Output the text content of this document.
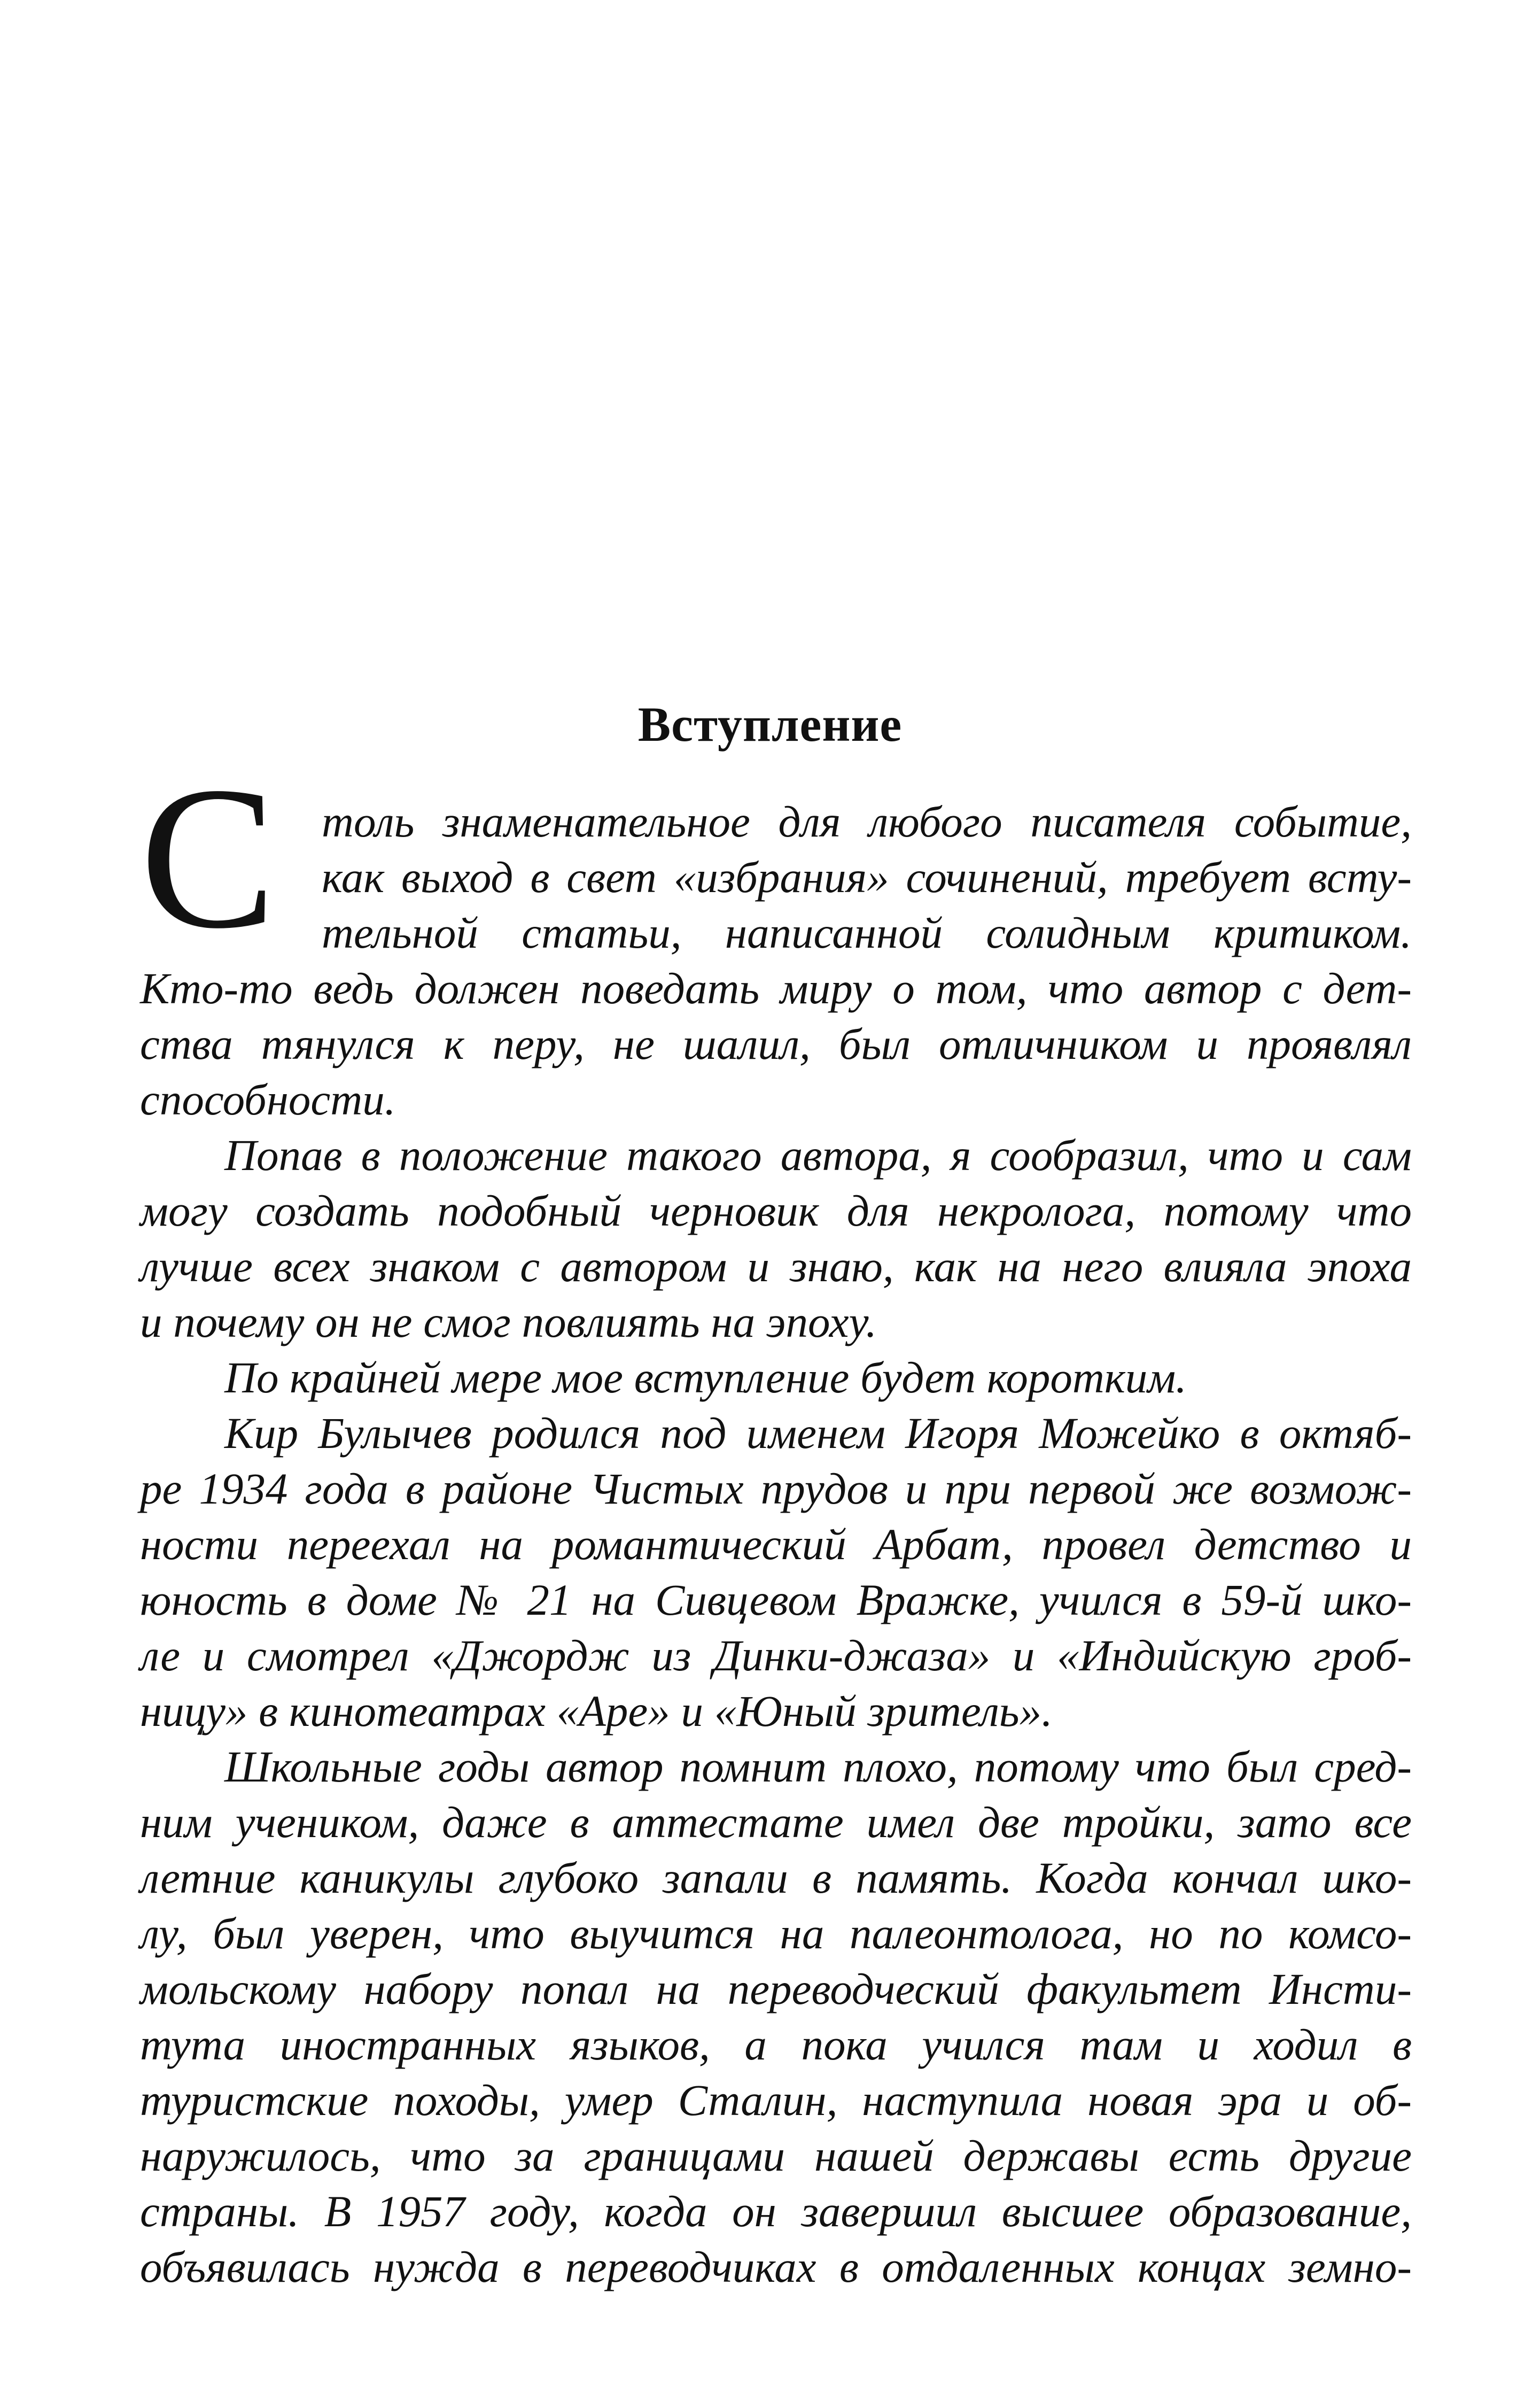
Вступление
С	толь знаменательное для любого писателя событие,
как выход в свет «избрания» сочинений, требует всту-
тельной статьи, написанной солидным критиком.
Кто-то ведь должен поведать миру о том, что автор с дет-
ства тянулся к перу, не шалил, был отличником и проявлял
способности.
Попав в положение такого автора, я сообразил, что и сам
могу создать подобный черновик для некролога, потому что
лучше всех знаком с автором и знаю, как на него влияла эпоха
и почему он не смог повлиять на эпоху.
По крайней мере мое вступление будет коротким.
Кир Булычев родился под именем Игоря Можейко в октяб-
ре 1934 года в районе Чистых прудов и при первой же возмож-
ности переехал на романтический Арбат, провел детство и
юность в доме № 21 на Сивцевом Вражке, учился в 59-й шко-
ле и смотрел «Джордж из Динки-джаза» и «Индийскую гроб-
ницу» в кинотеатрах «Аре» и «Юный зритель».
Школьные годы автор помнит плохо, потому что был сред-
ним учеником, даже в аттестате имел две тройки, зато все
летние каникулы глубоко запали в память. Когда кончал шко-
лу, был уверен, что выучится на палеонтолога, но по комсо-
мольскому набору попал на переводческий факультет Инсти-
тута иностранных языков, а пока учился там и ходил в
туристские походы, умер Сталин, наступила новая эра и об-
наружилось, что за границами нашей державы есть другие
страны. В 1957 году, когда он завершил высшее образование,
объявилась нужда в переводчиках в отдаленных концах земно-
